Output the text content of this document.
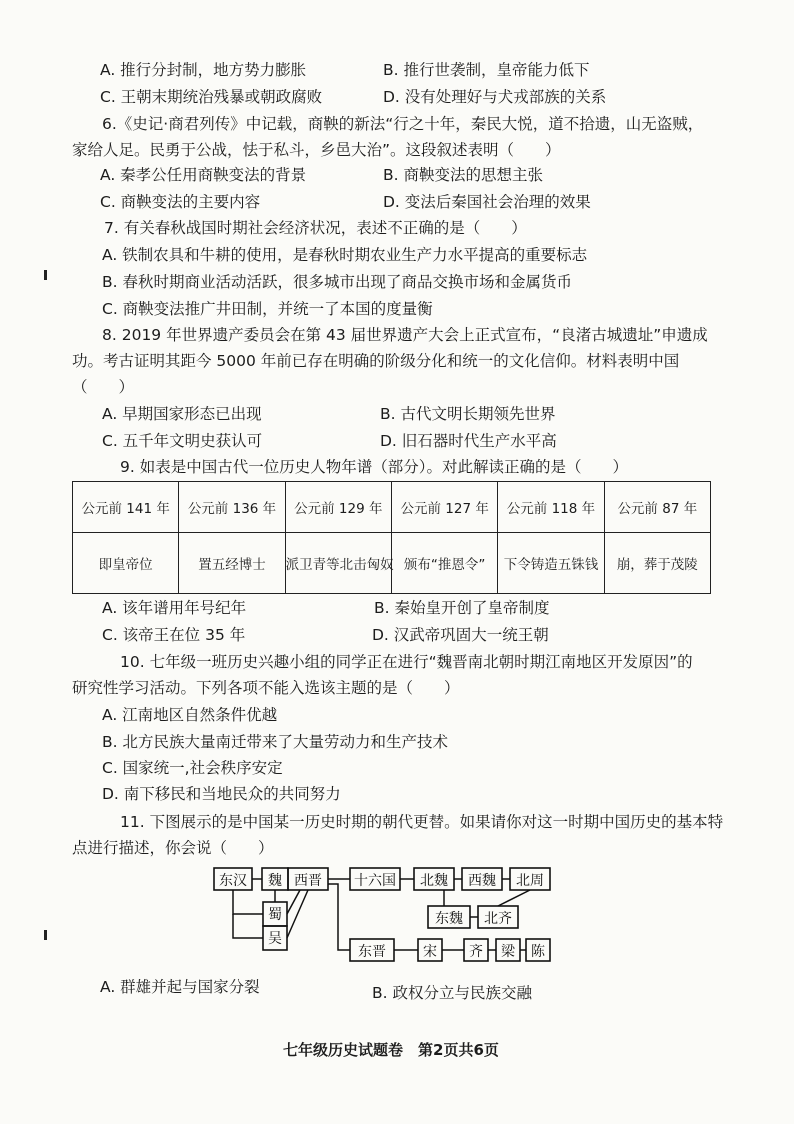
A. 推行分封制，地方势力膨胀	B. 推行世袭制，皇帝能力低下
C. 王朝末期统治残暴或朝政腐败	D. 没有处理好与犬戎部族的关系
6.《史记·商君列传》中记载，商鞅的新法“行之十年，秦民大悦，道不拾遗，山无盗贼，
家给人足。民勇于公战，怯于私斗，乡邑大治”。这段叙述表明（　　）
A. 秦孝公任用商鞅变法的背景	B. 商鞅变法的思想主张
C. 商鞅变法的主要内容	D. 变法后秦国社会治理的效果
7. 有关春秋战国时期社会经济状况，表述不正确的是（　　）
A. 铁制农具和牛耕的使用，是春秋时期农业生产力水平提高的重要标志
B. 春秋时期商业活动活跃，很多城市出现了商品交换市场和金属货币
C. 商鞅变法推广井田制，并统一了本国的度量衡
8. 2019 年世界遗产委员会在第 43 届世界遗产大会上正式宣布，“良渚古城遗址”申遗成
功。考古证明其距今 5000 年前已存在明确的阶级分化和统一的文化信仰。材料表明中国
（　　）
A. 早期国家形态已出现	B. 古代文明长期领先世界
C. 五千年文明史获认可	D. 旧石器时代生产水平高
9. 如表是中国古代一位历史人物年谱（部分）。对此解读正确的是（　　）
公元前 141 年	公元前 136 年	公元前 129 年	公元前 127 年	公元前 118 年	公元前 87 年
即皇帝位	置五经博士	派卫青等北击匈奴	颁布“推恩令”	下令铸造五铢钱	崩，葬于茂陵
A. 该年谱用年号纪年	B. 秦始皇开创了皇帝制度
C. 该帝王在位 35 年	D. 汉武帝巩固大一统王朝
10. 七年级一班历史兴趣小组的同学正在进行“魏晋南北朝时期江南地区开发原因”的
研究性学习活动。下列各项不能入选该主题的是（　　）
A. 江南地区自然条件优越
B. 北方民族大量南迁带来了大量劳动力和生产技术
C. 国家统一,社会秩序安定
D. 南下移民和当地民众的共同努力
11. 下图展示的是中国某一历史时期的朝代更替。如果请你对这一时期中国历史的基本特
点进行描述，你会说（　　）
东汉 魏 西晋 十六国 北魏 西魏 北周
蜀
吴
东魏 北齐
东晋	宋 齐 梁 陈
A. 群雄并起与国家分裂	B. 政权分立与民族交融
七年级历史试题卷　第2页共6页
